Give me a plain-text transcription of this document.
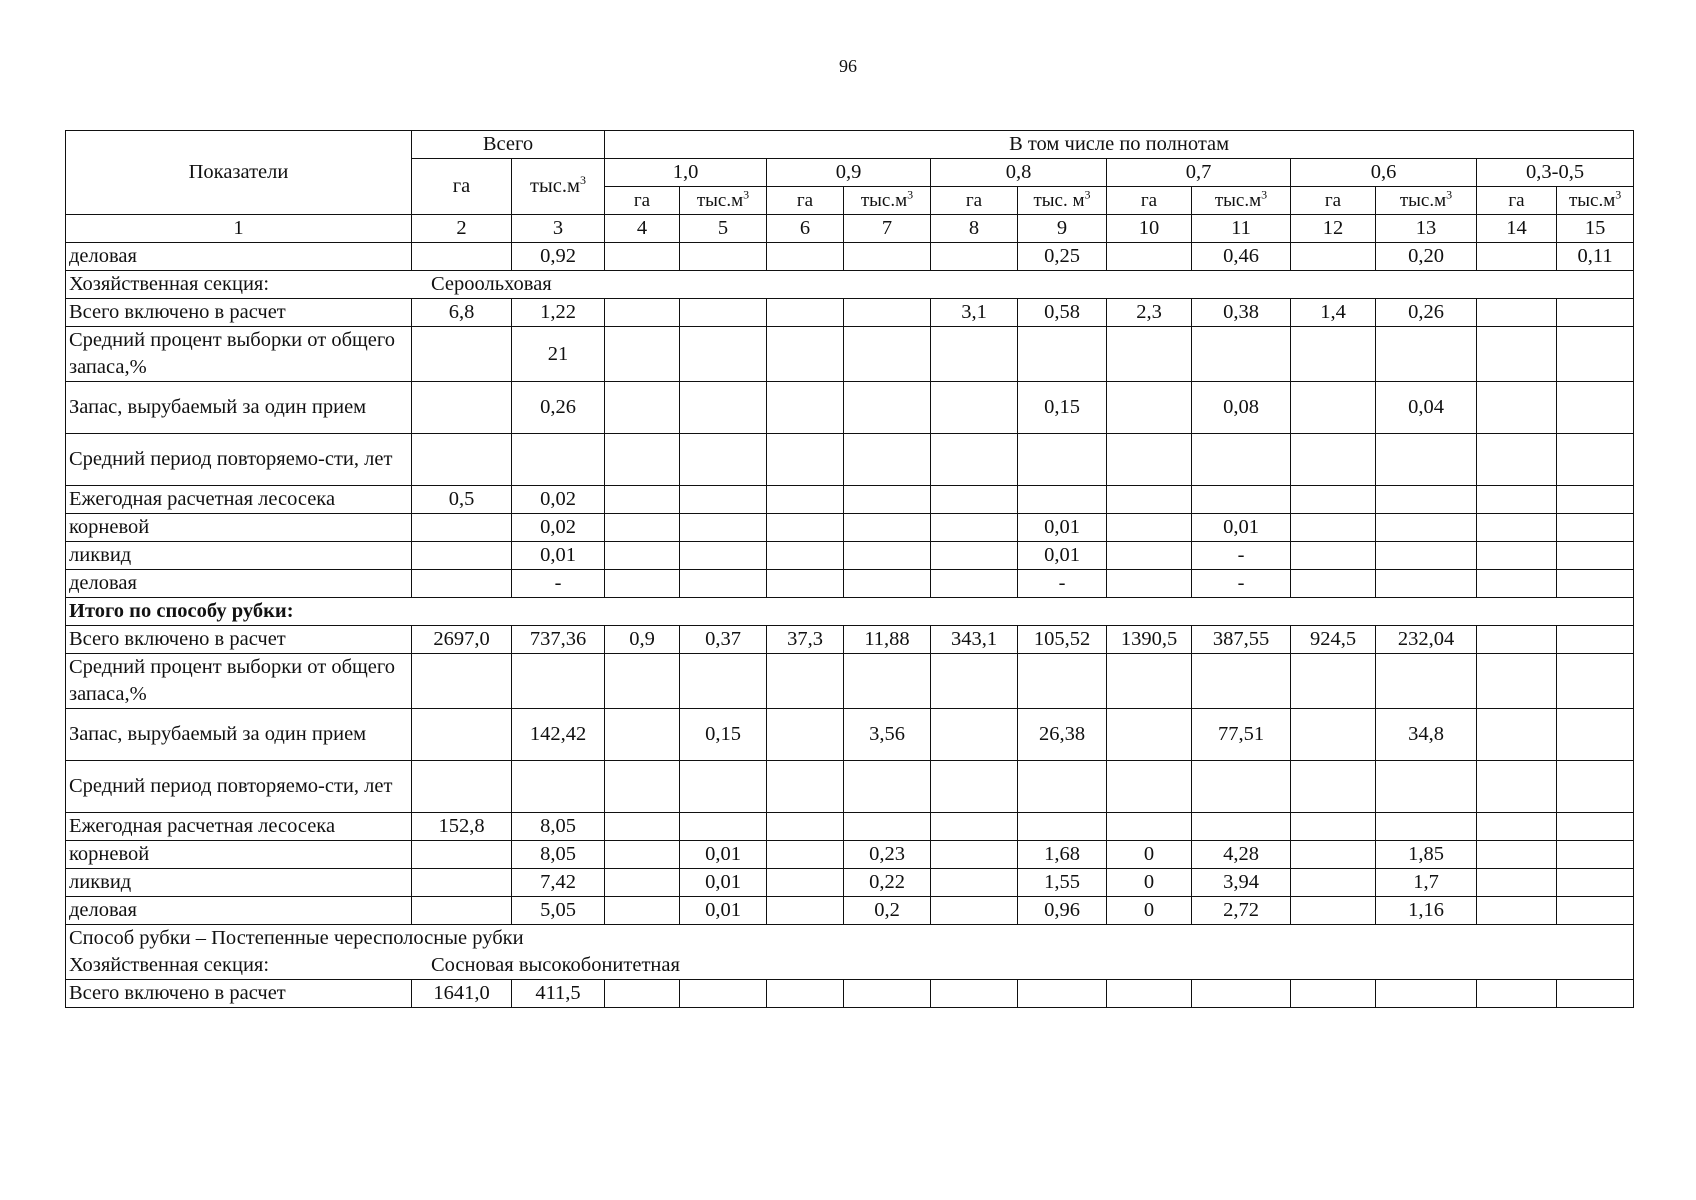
96
Показатели	Всего		В том числе по полнотам											
	га	$тыс.м^3$	1,0		0,9		0,8		0,7		0,6		0,3-0,5	
			га	$тыс.м^3$	га	$тыс.м^3$	га	тыс. $м^3$	га	$тыс.м^3$	га	$тыс.м^3$	га	$тыс.м^3$
1	2	3	4	5	6	7	8	9	10	11	12	13	14	15
деловая		0,92						0,25		0,46		0,20		0,11

Хозяйственная секция: Сероольховая														

Всего включено в расчет	6,8	1,22					3,1	0,58	2,3	0,38	1,4	0,26		
Средний процент выборки от общего запаса,%		21												
Запас, вырубаемый за один прием		0,26						0,15		0,08		0,04		
Средний период повторяемо-сти, лет														
Ежегодная расчетная лесосека	0,5	0,02												
корневой		0,02						0,01		0,01				
ликвид		0,01						0,01		-				
деловая		-						-		-				
Итого по способу рубки:														
Всего включено в расчет	2697,0	737,36	0,9	0,37	37,3	11,88	343,1	105,52	1390,5	387,55	924,5	232,04		
Средний процент выборки от общего запаса,%														
Запас, вырубаемый за один прием		142,42		0,15		3,56		26,38		77,51		34,8		
Средний период повторяемо-сти, лет														
Ежегодная расчетная лесосека	152,8	8,05												
корневой		8,05		0,01		0,23		1,68	0	4,28		1,85		
ликвид		7,42		0,01		0,22		1,55	0	3,94		1,7		
деловая		5,05		0,01		0,2		0,96	0	2,72		1,16		

Способ рубки – Постепенные чересполосные рубки
Хозяйственная секция: Сосновая высокобонитетная														

Всего включено в расчет	1641,0	411,5												
